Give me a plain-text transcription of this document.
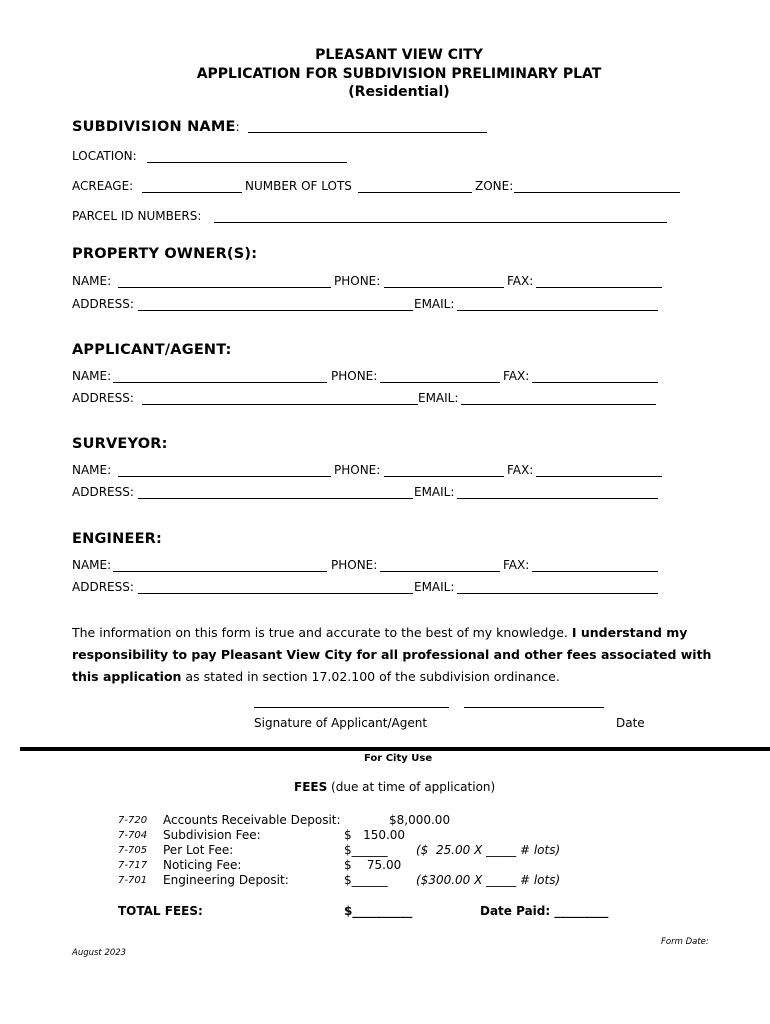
PLEASANT VIEW CITY
APPLICATION FOR SUBDIVISION PRELIMINARY PLAT
(Residential)
SUBDIVISION NAME:
LOCATION:
ACREAGE:	NUMBER OF LOTS	ZONE:
PARCEL ID NUMBERS:
PROPERTY OWNER(S):
NAME:	PHONE:	FAX:
ADDRESS:	EMAIL:
APPLICANT/AGENT:
NAME:	PHONE:	FAX:
ADDRESS:	EMAIL:
SURVEYOR:
NAME:	PHONE:	FAX:
ADDRESS:	EMAIL:
ENGINEER:
NAME:	PHONE:	FAX:
ADDRESS:	EMAIL:
The information on this form is true and accurate to the best of my knowledge. I understand my
responsibility to pay Pleasant View City for all professional and other fees associated with
this application as stated in section 17.02.100 of the subdivision ordinance.
Signature of Applicant/Agent	Date
For City Use
FEES (due at time of application)
7-720 Accounts Receivable Deposit:	$8,000.00
7-704 Subdivision Fee:	$   150.00
7-705 Per Lot Fee:	$______ ($  25.00 X _____ # lots)
7-717 Noticing Fee:	$    75.00
7-701 Engineering Deposit:	$______ ($300.00 X _____ # lots)
TOTAL FEES:	$__________	Date Paid: _________
Form Date:
August 2023
